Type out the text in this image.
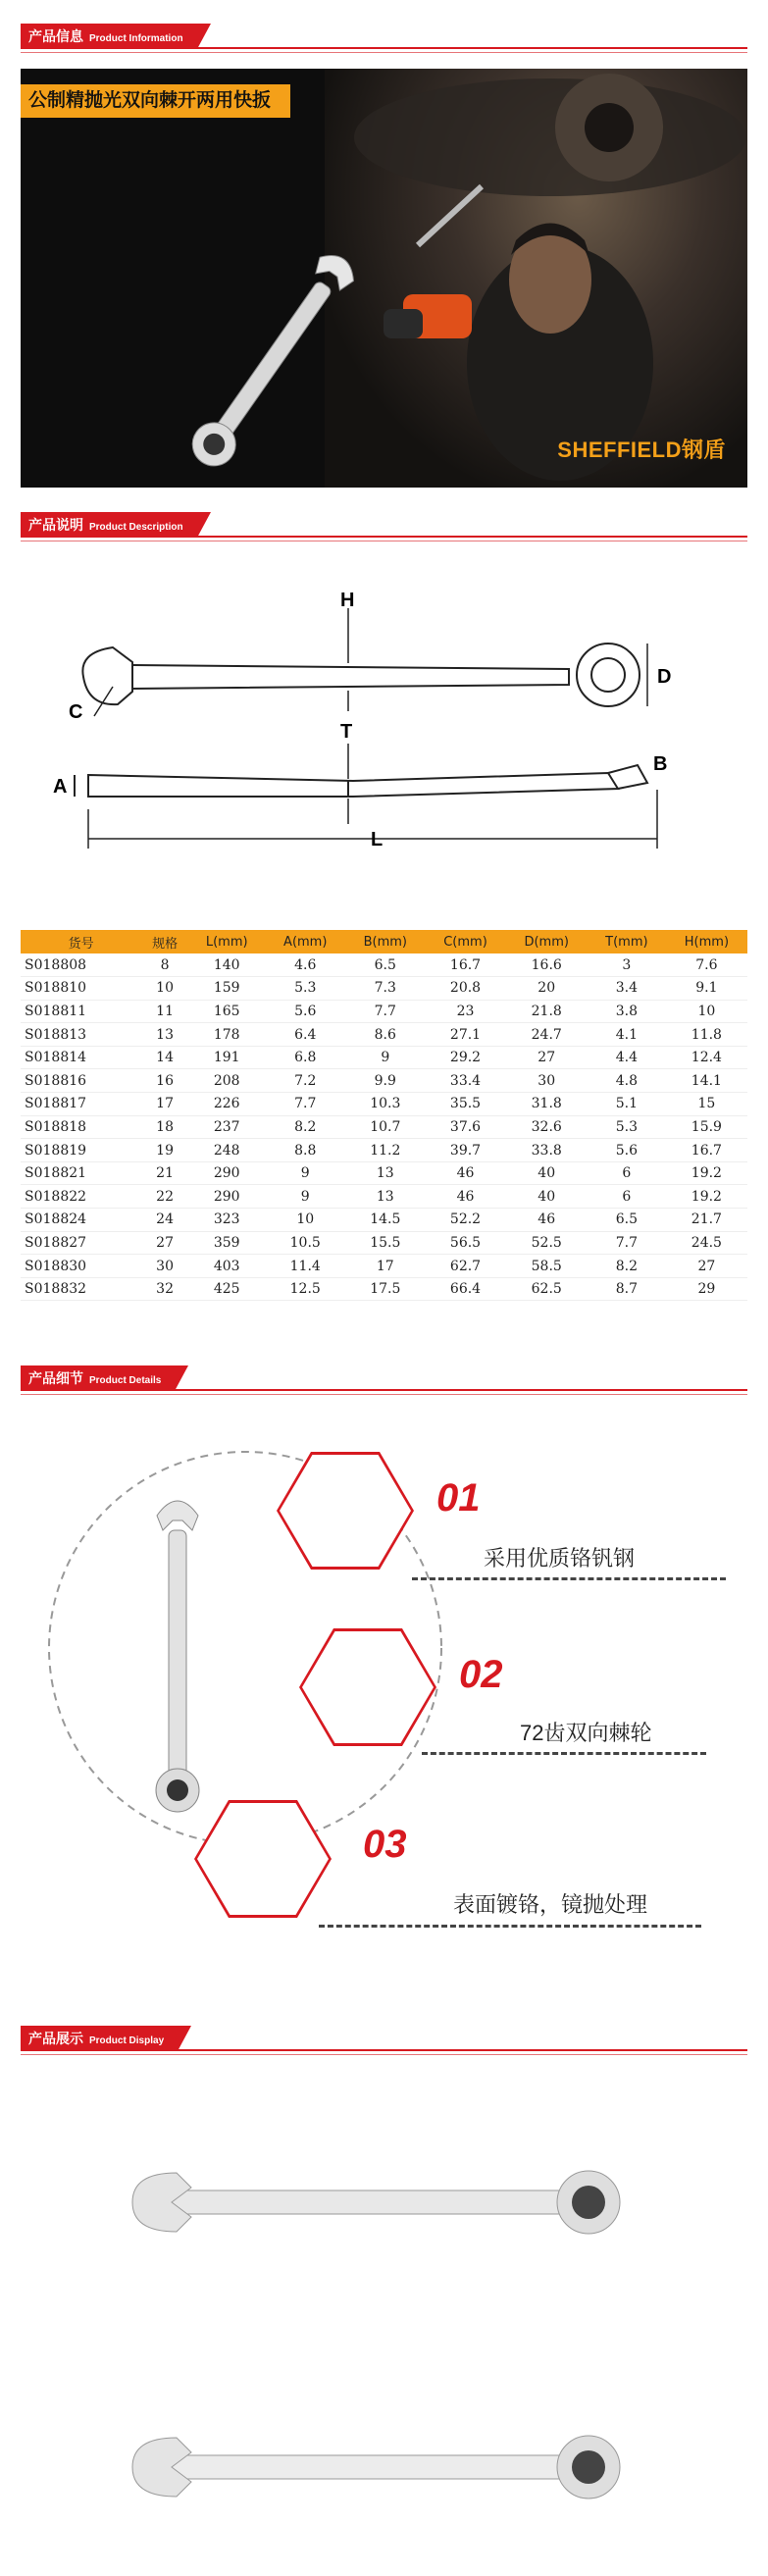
产品信息 Product Information
公制精抛光双向棘开两用快扳
SHEFFIELD钢盾
产品说明 Product Description
H
C
D
T
A
B
L
货号	规格	L(mm)	A(mm)	B(mm)	C(mm)	D(mm)	T(mm)	H(mm)
S018808	8	140	4.6	6.5	16.7	16.6	3	7.6
S018810	10	159	5.3	7.3	20.8	20	3.4	9.1
S018811	11	165	5.6	7.7	23	21.8	3.8	10
S018813	13	178	6.4	8.6	27.1	24.7	4.1	11.8
S018814	14	191	6.8	9	29.2	27	4.4	12.4
S018816	16	208	7.2	9.9	33.4	30	4.8	14.1
S018817	17	226	7.7	10.3	35.5	31.8	5.1	15
S018818	18	237	8.2	10.7	37.6	32.6	5.3	15.9
S018819	19	248	8.8	11.2	39.7	33.8	5.6	16.7
S018821	21	290	9	13	46	40	6	19.2
S018822	22	290	9	13	46	40	6	19.2
S018824	24	323	10	14.5	52.2	46	6.5	21.7
S018827	27	359	10.5	15.5	56.5	52.5	7.7	24.5
S018830	30	403	11.4	17	62.7	58.5	8.2	27
S018832	32	425	12.5	17.5	66.4	62.5	8.7	29
产品细节 Product Details
01
采用优质铬钒钢
02
72齿双向棘轮
03
表面镀铬，镜抛处理
产品展示 Product Display
